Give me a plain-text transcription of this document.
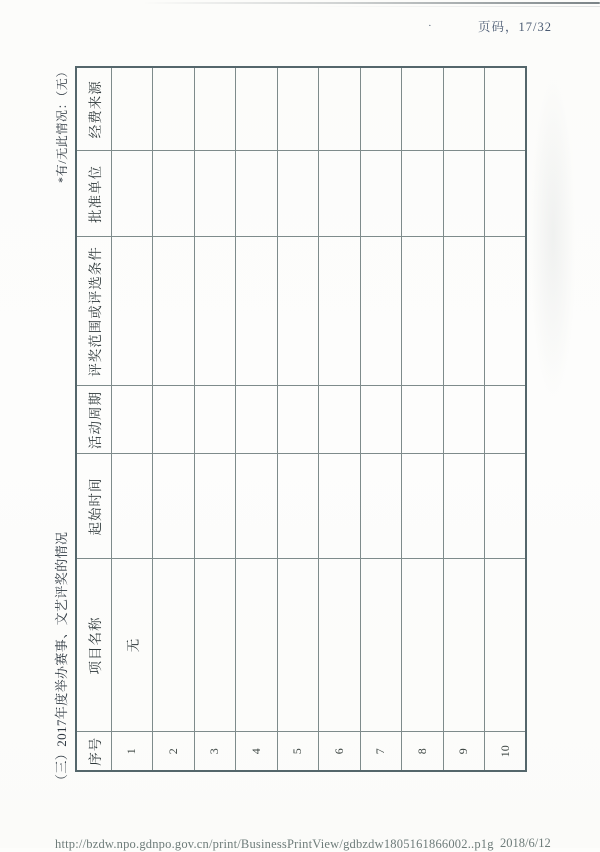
·	页码，17/32
（三）2017年度举办赛事、文艺评奖的情况
*有/无此情况：（无）
序号	项目名称	起始时间	活动周期	评奖范围或评选条件	批准单位	经费来源
1	无					
2						
3						
4						
5						
6						
7						
8						
9						
10						
http://bzdw.npo.gdnpo.gov.cn/print/BusinessPrintView/gdbzdw1805161866002..p1g 2018/6/12
